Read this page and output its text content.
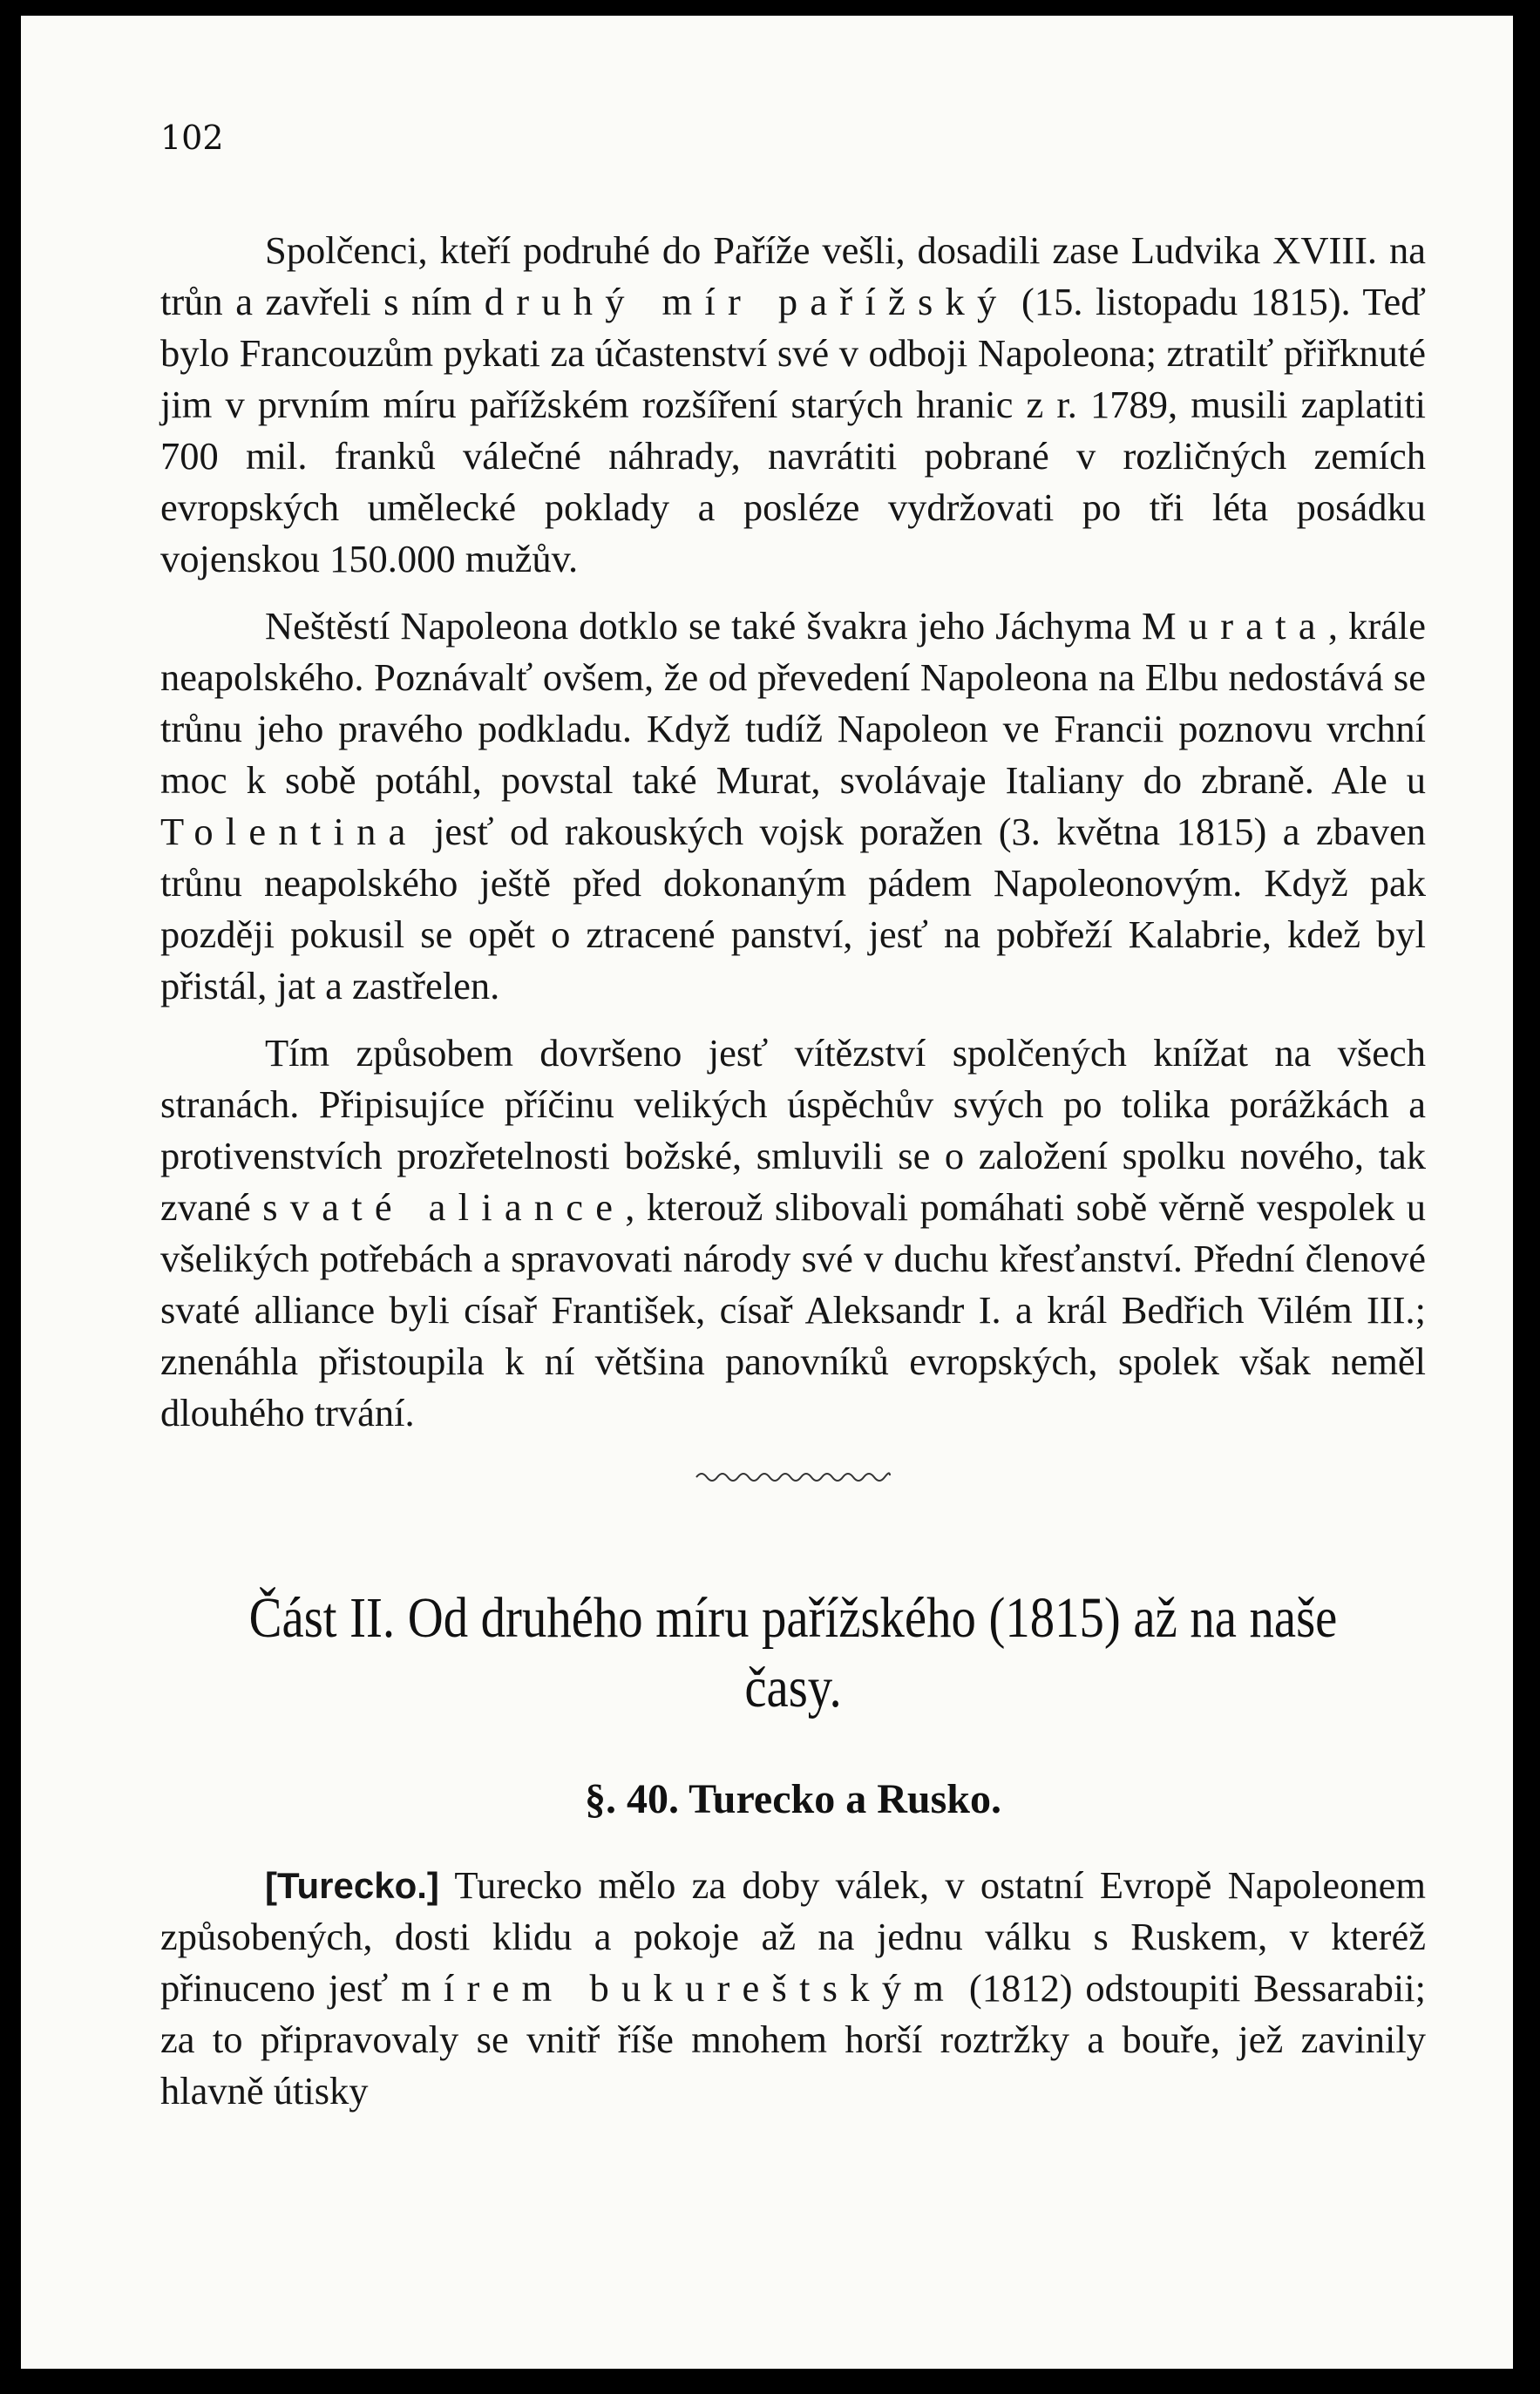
102

Spolčenci, kteří podruhé do Paříže vešli, dosadili zase Ludvika XVIII. na trůn a zavřeli s ním druhý mír pařížský (15. listopadu 1815). Teď bylo Francouzům pykati za účastenství své v odboji Napoleona; ztratilť přiřknuté jim v prvním míru pařížském rozšíření starých hranic z r. 1789, musili zaplatiti 700 mil. franků válečné náhrady, navrátiti pobrané v rozličných zemích evropských umělecké poklady a posléze vydržovati po tři léta posádku vojenskou 150.000 mužův.

Neštěstí Napoleona dotklo se také švakra jeho Jáchyma Murata, krále neapolského. Poznávalť ovšem, že od převedení Napoleona na Elbu nedostává se trůnu jeho pravého podkladu. Když tudíž Napoleon ve Francii poznovu vrchní moc k sobě potáhl, povstal také Murat, svolávaje Italiany do zbraně. Ale u Tolentina jesť od rakouských vojsk poražen (3. května 1815) a zbaven trůnu neapolského ještě před dokonaným pádem Napoleonovým. Když pak později pokusil se opět o ztracené panství, jesť na pobřeží Kalabrie, kdež byl přistál, jat a zastřelen.

Tím způsobem dovršeno jesť vítězství spolčených knížat na všech stranách. Připisujíce příčinu velikých úspěchův svých po tolika porážkách a protivenstvích prozřetelnosti božské, smluvili se o založení spolku nového, tak zvané svaté aliance, kterouž slibovali pomáhati sobě věrně vespolek u všelikých potřebách a spravovati národy své v duchu křesťanství. Přední členové svaté alliance byli císař František, císař Aleksandr I. a král Bedřich Vilém III.; znenáhla přistoupila k ní většina panovníků evropských, spolek však neměl dlouhého trvání.

Část II. Od druhého míru pařížského (1815) až na naše časy.
§. 40. Turecko a Rusko.

[Turecko.] Turecko mělo za doby válek, v ostatní Evropě Napoleonem způsobených, dosti klidu a pokoje až na jednu válku s Ruskem, v kteréž přinuceno jesť mírem bukureštským (1812) odstoupiti Bessarabii; za to připravovaly se vnitř říše mnohem horší roztržky a bouře, jež zavinily hlavně útisky
